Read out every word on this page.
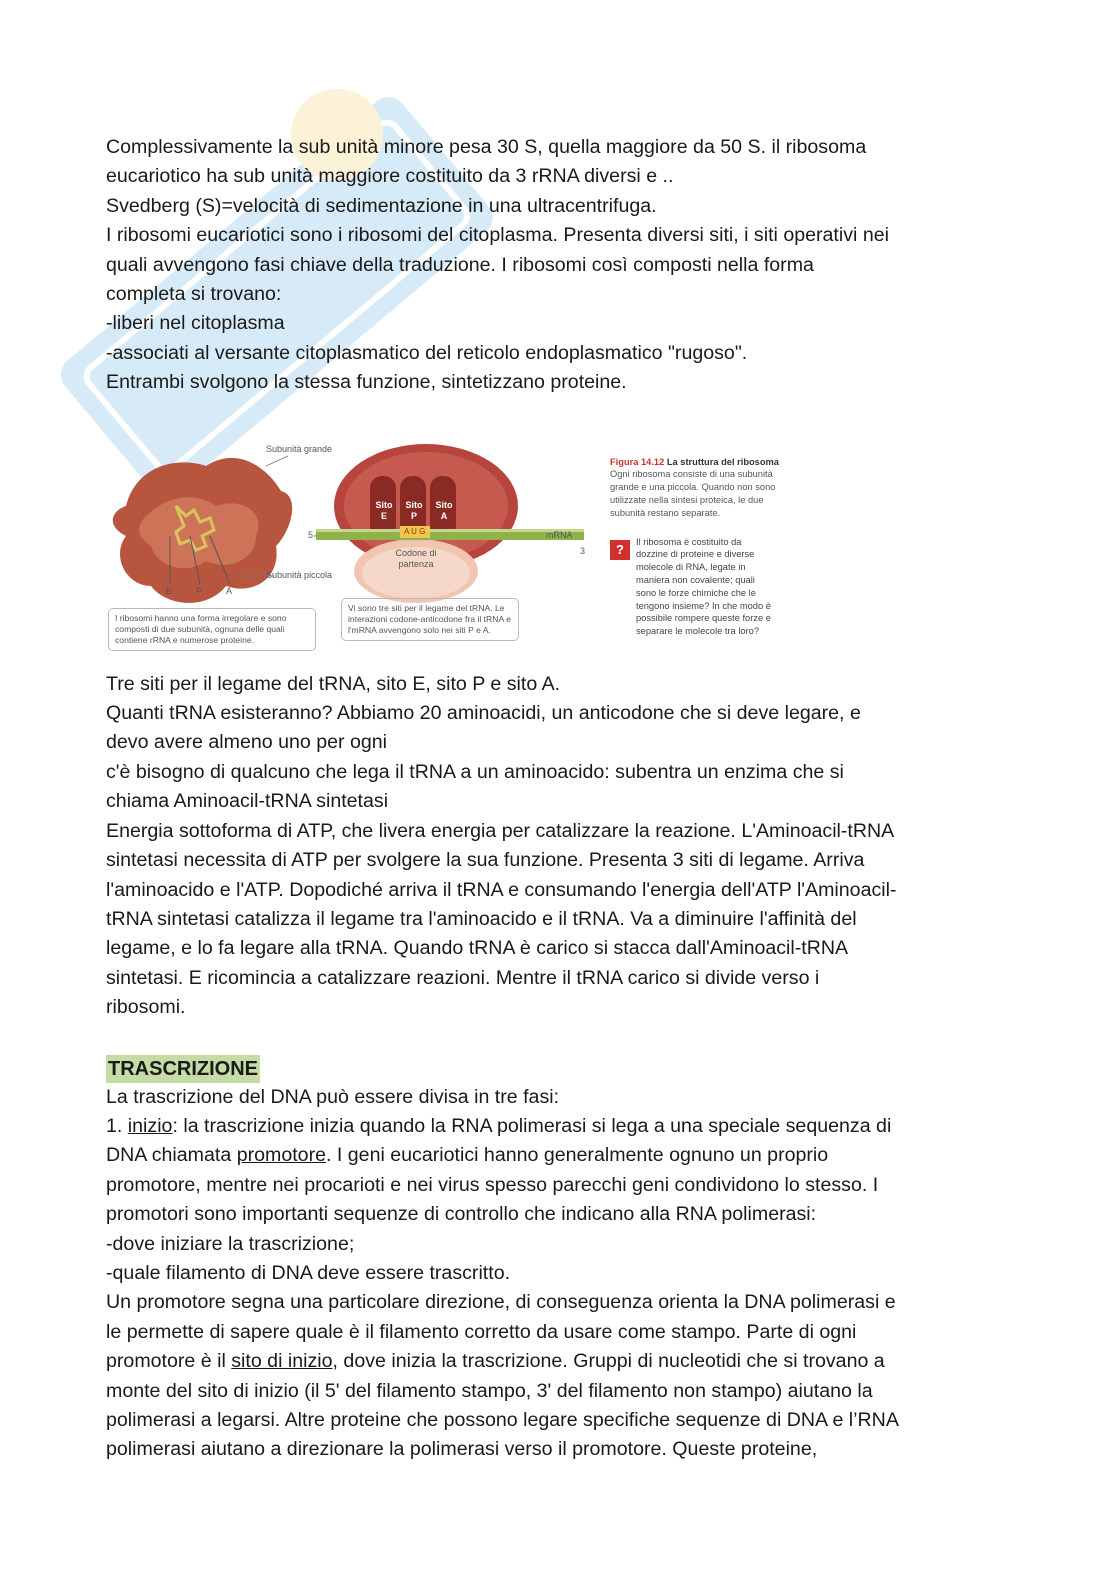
Complessivamente la sub unità minore pesa 30 S, quella maggiore da 50 S. il ribosoma

eucariotico ha sub unità maggiore costituito da 3 rRNA diversi e ..

Svedberg (S)=velocità di sedimentazione in una ultracentrifuga.

I ribosomi eucariotici sono i ribosomi del citoplasma. Presenta diversi siti, i siti operativi nei

quali avvengono fasi chiave della traduzione. I ribosomi così composti nella forma

completa si trovano:

-liberi nel citoplasma

-associati al versante citoplasmatico del reticolo endoplasmatico "rugoso".

Entrambi svolgono la stessa funzione, sintetizzano proteine.

Subunità grande
Subunità piccola
E	P	A
Sito
E
Sito
P
Sito
A
A U G
5
3
mRNA
Codone di partenza
I ribosomi hanno una forma irregolare e sono composti di due subunità, ognuna delle quali contiene rRNA e numerose proteine.
Vi sono tre siti per il legame del tRNA. Le interazioni codone-anticodone fra il tRNA e l'mRNA avvengono solo nei siti P e A.
Figura 14.12 La struttura del ribosoma Ogni ribosoma consiste di una subunità grande e una piccola. Quando non sono utilizzate nella sintesi proteica, le due subunità restano separate.
?	Il ribosoma è costituito da dozzine di proteine e diverse molecole di RNA, legate in maniera non covalente; quali sono le forze chimiche che le tengono insieme? In che modo è possibile rompere queste forze e separare le molecole tra loro?

Tre siti per il legame del tRNA, sito E, sito P e sito A.

Quanti tRNA esisteranno? Abbiamo 20 aminoacidi, un anticodone che si deve legare, e

devo avere almeno uno per ogni

c'è bisogno di qualcuno che lega il tRNA a un aminoacido: subentra un enzima che si

chiama Aminoacil-tRNA sintetasi

Energia sottoforma di ATP, che livera energia per catalizzare la reazione. L'Aminoacil-tRNA

sintetasi necessita di ATP per svolgere la sua funzione. Presenta 3 siti di legame. Arriva

l'aminoacido e l'ATP. Dopodiché arriva il tRNA e consumando l'energia dell'ATP l'Aminoacil-

tRNA sintetasi catalizza il legame tra l'aminoacido e il tRNA. Va a diminuire l'affinità del

legame, e lo fa legare alla tRNA. Quando tRNA è carico si stacca dall'Aminoacil-tRNA

sintetasi. E ricomincia a catalizzare reazioni. Mentre il tRNA carico si divide verso i

ribosomi.

TRASCRIZIONE

La trascrizione del DNA può essere divisa in tre fasi:

1. inizio: la trascrizione inizia quando la RNA polimerasi si lega a una speciale sequenza di

DNA chiamata promotore. I geni eucariotici hanno generalmente ognuno un proprio

promotore, mentre nei procarioti e nei virus spesso parecchi geni condividono lo stesso. I

promotori sono importanti sequenze di controllo che indicano alla RNA polimerasi:

-dove iniziare la trascrizione;

-quale filamento di DNA deve essere trascritto.

Un promotore segna una particolare direzione, di conseguenza orienta la DNA polimerasi e

le permette di sapere quale è il filamento corretto da usare come stampo. Parte di ogni

promotore è il sito di inizio, dove inizia la trascrizione. Gruppi di nucleotidi che si trovano a

monte del sito di inizio (il 5' del filamento stampo, 3' del filamento non stampo) aiutano la

polimerasi a legarsi. Altre proteine che possono legare specifiche sequenze di DNA e l’RNA

polimerasi aiutano a direzionare la polimerasi verso il promotore. Queste proteine,
